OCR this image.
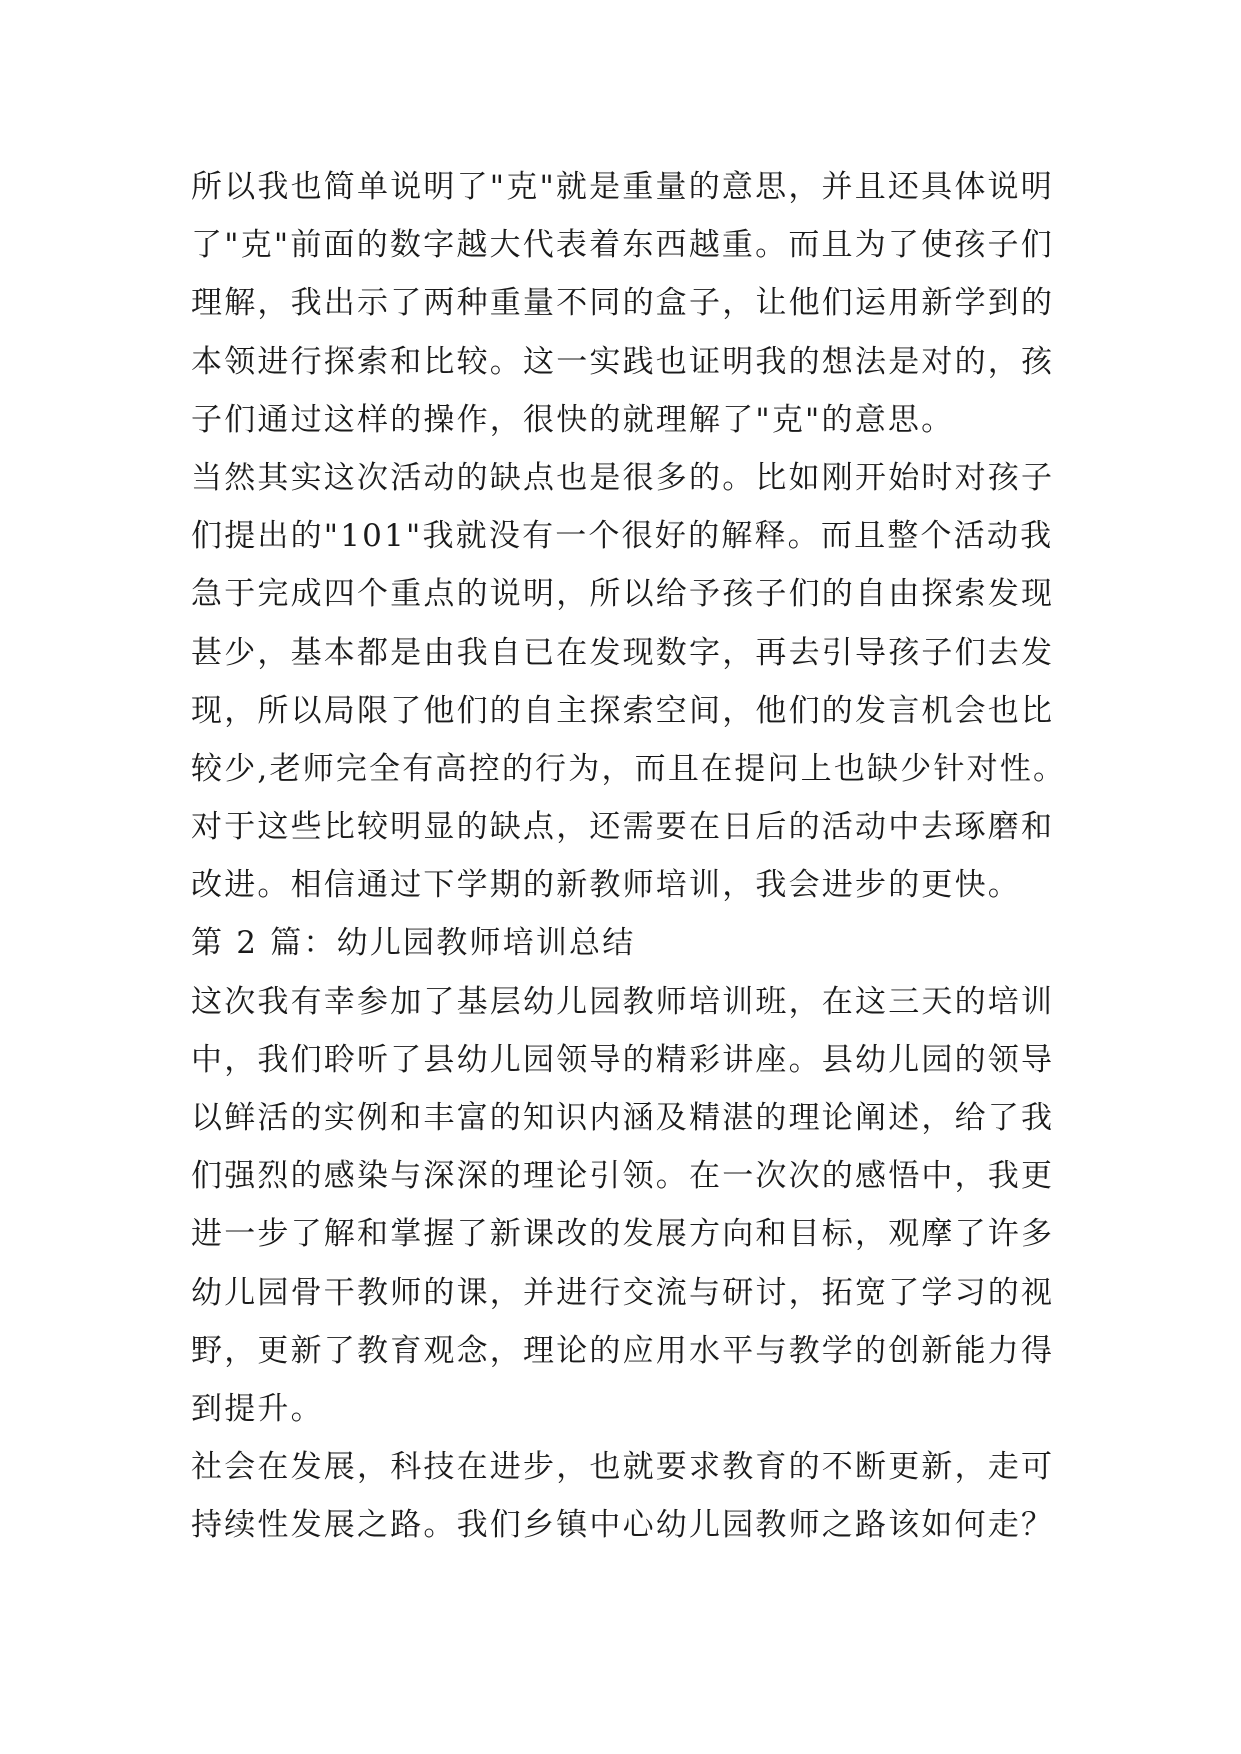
所以我也简单说明了"克"就是重量的意思，并且还具体说明
了"克"前面的数字越大代表着东西越重。而且为了使孩子们
理解，我出示了两种重量不同的盒子，让他们运用新学到的
本领进行探索和比较。这一实践也证明我的想法是对的，孩
子们通过这样的操作，很快的就理解了"克"的意思。
当然其实这次活动的缺点也是很多的。比如刚开始时对孩子
们提出的"101"我就没有一个很好的解释。而且整个活动我
急于完成四个重点的说明，所以给予孩子们的自由探索发现
甚少，基本都是由我自已在发现数字，再去引导孩子们去发
现，所以局限了他们的自主探索空间，他们的发言机会也比
较少,老师完全有高控的行为，而且在提问上也缺少针对性。
对于这些比较明显的缺点，还需要在日后的活动中去琢磨和
改进。相信通过下学期的新教师培训，我会进步的更快。
第 2 篇：幼儿园教师培训总结
这次我有幸参加了基层幼儿园教师培训班，在这三天的培训
中，我们聆听了县幼儿园领导的精彩讲座。县幼儿园的领导
以鲜活的实例和丰富的知识内涵及精湛的理论阐述，给了我
们强烈的感染与深深的理论引领。在一次次的感悟中，我更
进一步了解和掌握了新课改的发展方向和目标，观摩了许多
幼儿园骨干教师的课，并进行交流与研讨，拓宽了学习的视
野，更新了教育观念，理论的应用水平与教学的创新能力得
到提升。
社会在发展，科技在进步，也就要求教育的不断更新，走可
持续性发展之路。我们乡镇中心幼儿园教师之路该如何走？
